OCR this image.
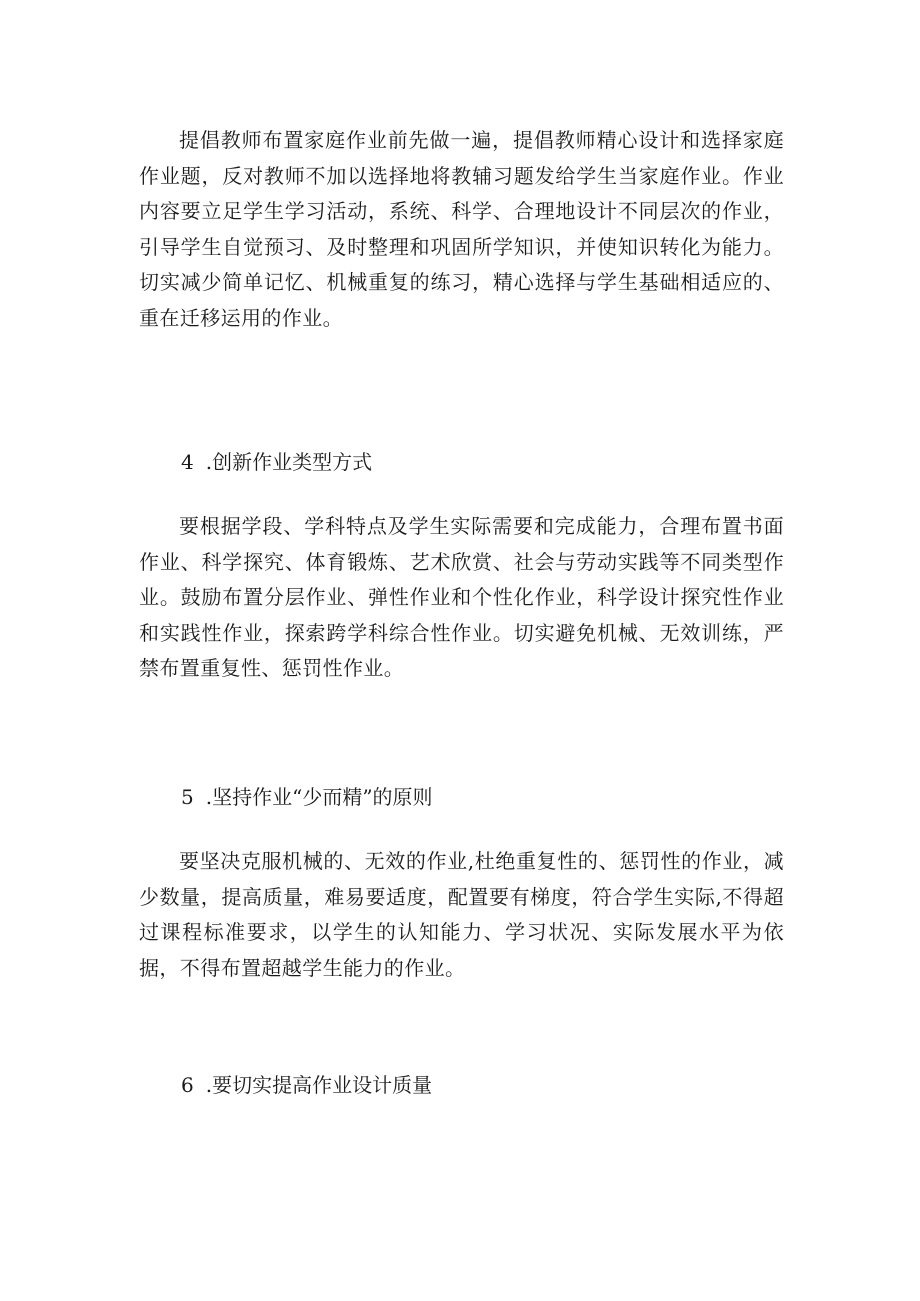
提倡教师布置家庭作业前先做一遍，提倡教师精心设计和选择家庭作业题，反对教师不加以选择地将教辅习题发给学生当家庭作业。作业内容要立足学生学习活动，系统、科学、合理地设计不同层次的作业，引导学生自觉预习、及时整理和巩固所学知识，并使知识转化为能力。切实减少简单记忆、机械重复的练习，精心选择与学生基础相适应的、重在迁移运用的作业。

4 .创新作业类型方式

要根据学段、学科特点及学生实际需要和完成能力，合理布置书面作业、科学探究、体育锻炼、艺术欣赏、社会与劳动实践等不同类型作业。鼓励布置分层作业、弹性作业和个性化作业，科学设计探究性作业和实践性作业，探索跨学科综合性作业。切实避免机械、无效训练，严禁布置重复性、惩罚性作业。

5 .坚持作业“少而精”的原则

要坚决克服机械的、无效的作业,杜绝重复性的、惩罚性的作业，减少数量，提高质量，难易要适度，配置要有梯度，符合学生实际,不得超过课程标准要求，以学生的认知能力、学习状况、实际发展水平为依据，不得布置超越学生能力的作业。

6 .要切实提高作业设计质量
